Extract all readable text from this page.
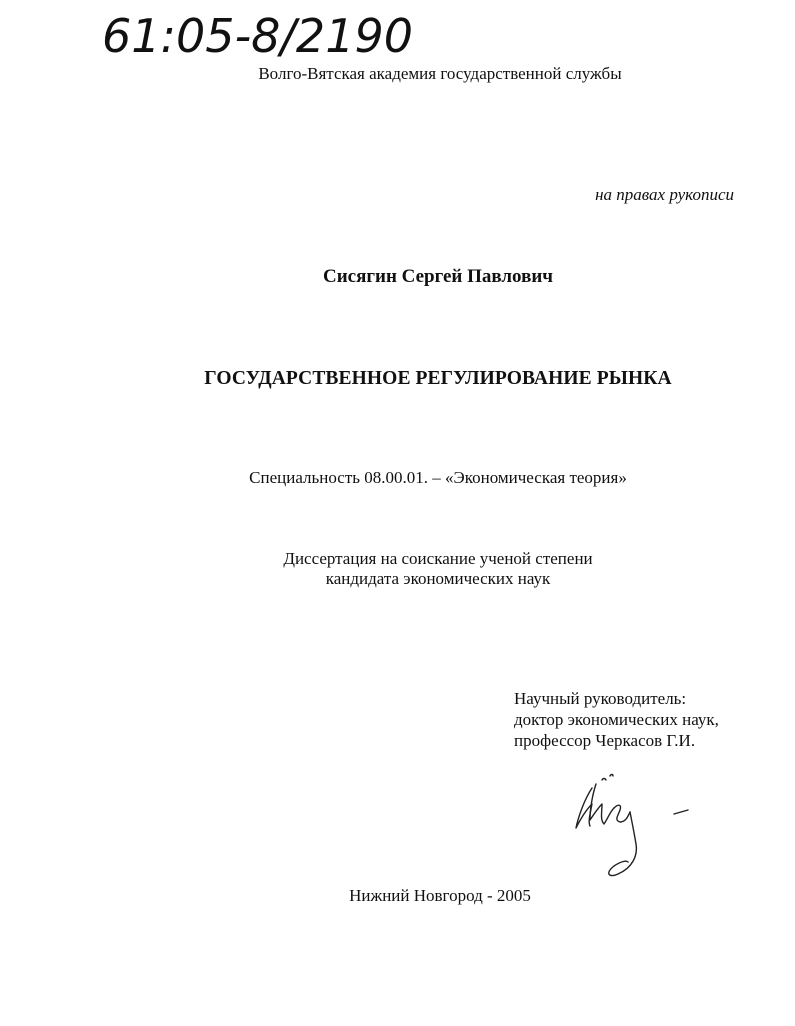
61:05-8/2190
Волго-Вятская академия государственной службы
на правах рукописи
Сисягин Сергей Павлович
ГОСУДАРСТВЕННОЕ РЕГУЛИРОВАНИЕ РЫНКА
Специальность 08.00.01. – «Экономическая теория»
Диссертация на соискание ученой степени
кандидата экономических наук
Научный руководитель:
доктор экономических наук,
профессор Черкасов Г.И.
Нижний Новгород - 2005
